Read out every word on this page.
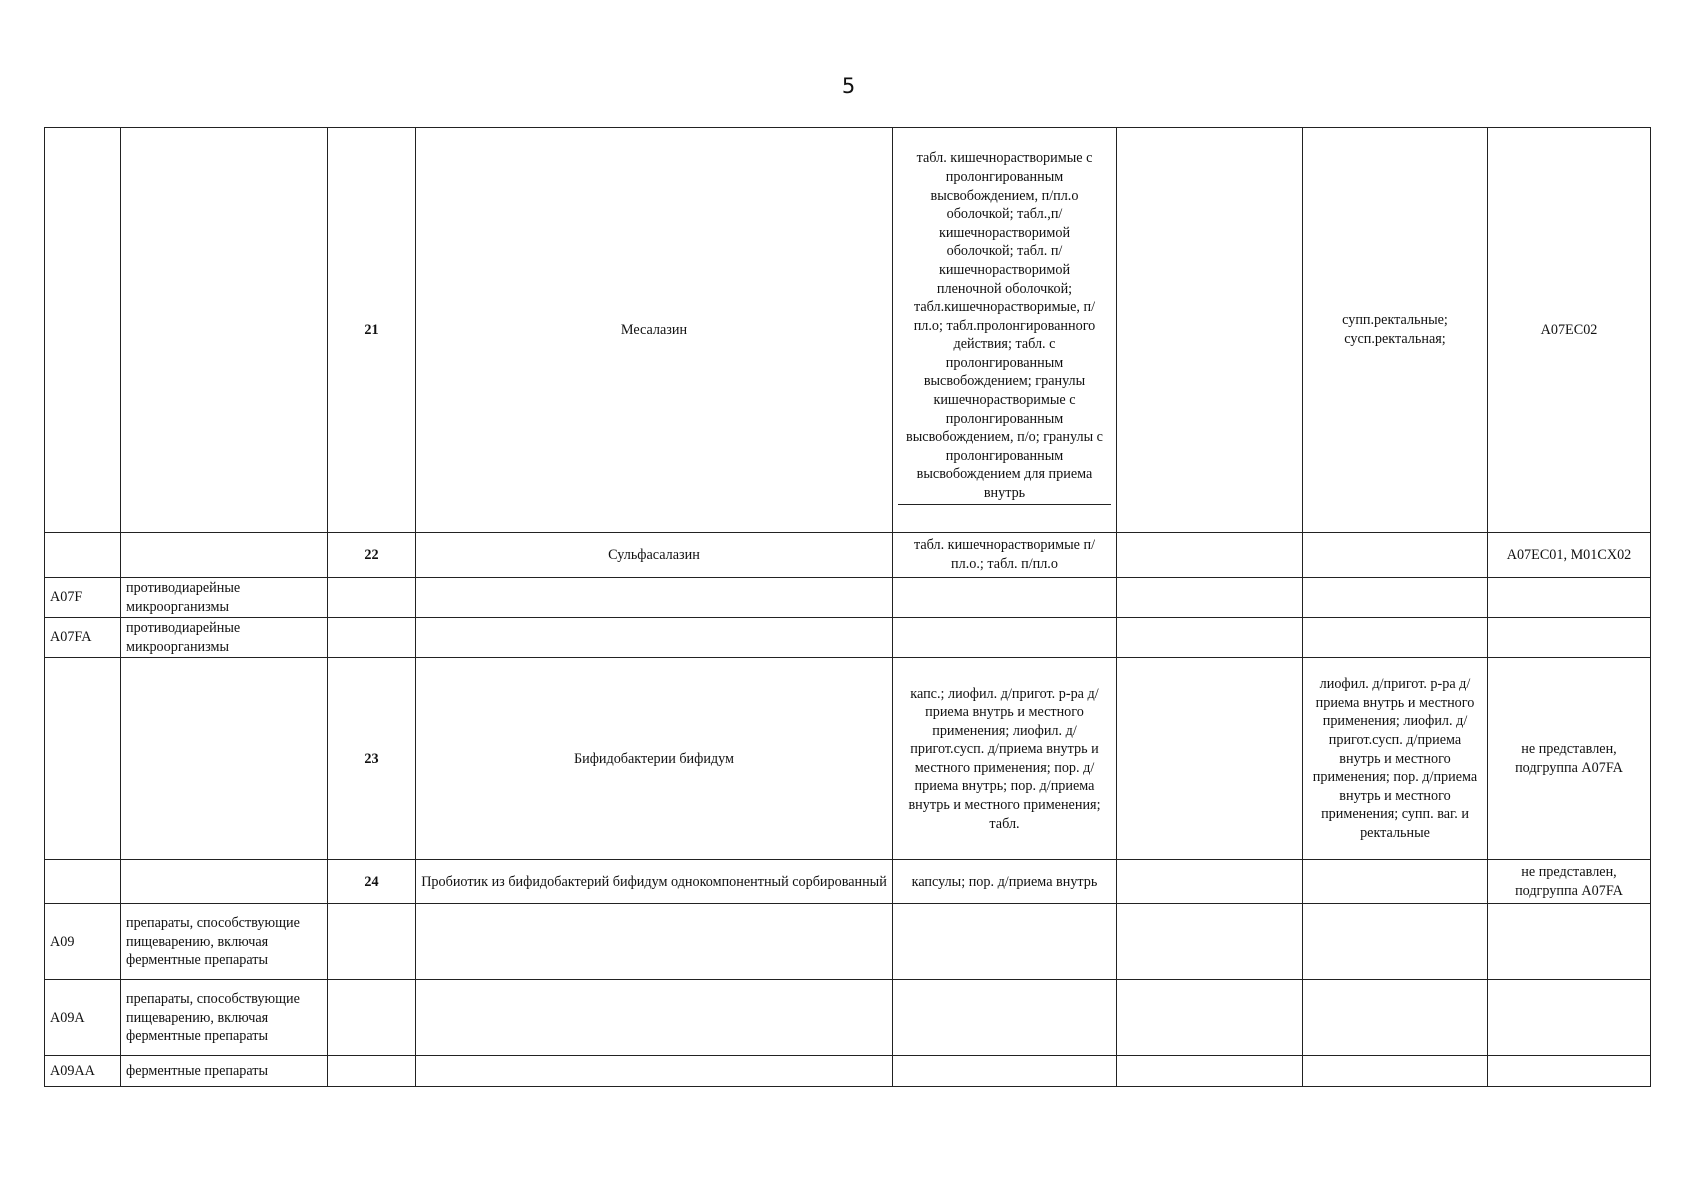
5
		21	Месалазин	табл. кишечнорастворимые с пролонгированным высвобождением, п/пл.о оболочкой; табл.,п/кишечнорастворимой оболочкой; табл. п/кишечнорастворимой пленочной оболочкой; табл.кишечнорастворимые, п/пл.о; табл.пролонгированного действия; табл. с пролонгированным высвобождением; гранулы кишечнорастворимые с пролонгированным высвобождением, п/о; гранулы с пролонгированным высвобождением для приема внутрь		супп.ректальные; сусп.ректальная;	A07EC02
		22	Сульфасалазин	табл. кишечнорастворимые п/пл.о.; табл. п/пл.о			A07EC01, M01CX02
A07F	противодиарейные микроорганизмы						
A07FA	противодиарейные микроорганизмы						
		23	Бифидобактерии бифидум	капс.; лиофил. д/пригот. р-ра д/приема внутрь и местного применения; лиофил. д/пригот.сусп. д/приема внутрь и местного применения; пор. д/приема внутрь; пор. д/приема внутрь и местного применения; табл.		лиофил. д/пригот. р-ра д/приема внутрь и местного применения; лиофил. д/пригот.сусп. д/приема внутрь и местного применения; пор. д/приема внутрь и местного применения; супп. ваг. и ректальные	не представлен, подгруппа A07FA
		24	Пробиотик из бифидобактерий бифидум однокомпонентный сорбированный	капсулы; пор. д/приема внутрь			не представлен, подгруппа A07FA
A09	препараты, способствующие пищеварению, включая ферментные препараты						
A09A	препараты, способствующие пищеварению, включая ферментные препараты						
A09AA	ферментные препараты						
